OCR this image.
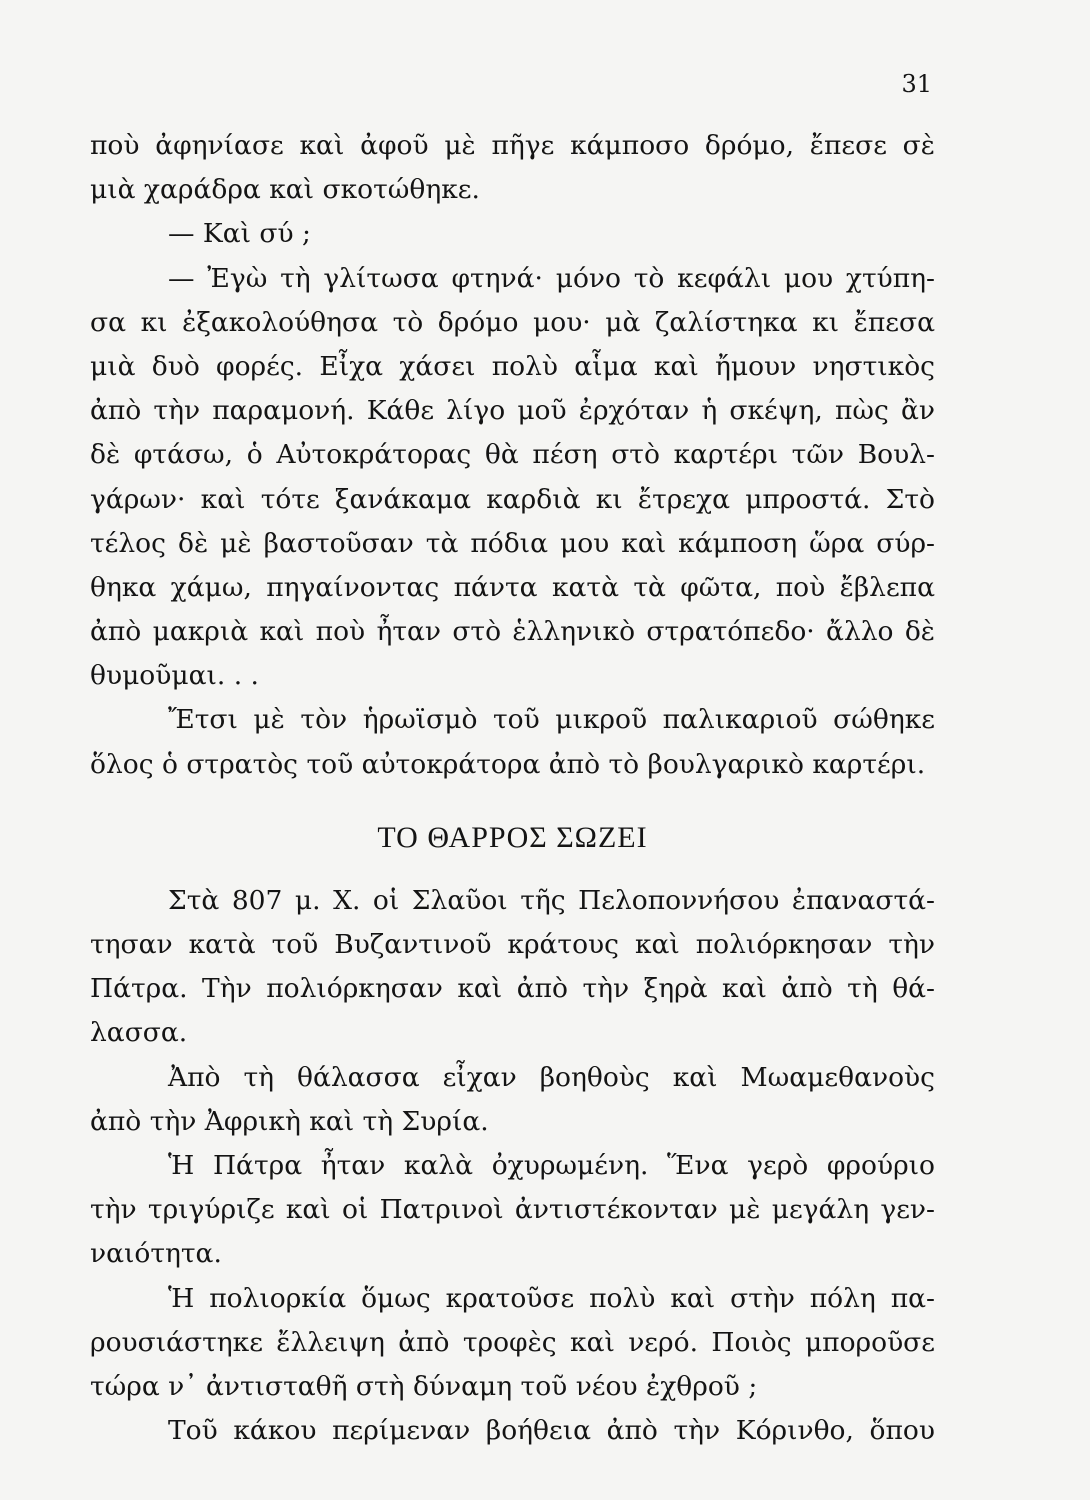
31
ποὺ ἀφηνίασε καὶ ἀφοῦ μὲ πῆγε κάμποσο δρόμο, ἔπεσε σὲ
μιὰ χαράδρα καὶ σκοτώθηκε.
— Καὶ σύ ;
— Ἐγὼ τὴ γλίτωσα φτηνά· μόνο τὸ κεφάλι μου χτύπη-
σα κι ἐξακολούθησα τὸ δρόμο μου· μὰ ζαλίστηκα κι ἔπεσα
μιὰ δυὸ φορές. Εἶχα χάσει πολὺ αἷμα καὶ ἤμουν νηστικὸς
ἀπὸ τὴν παραμονή. Κάθε λίγο μοῦ ἐρχόταν ἡ σκέψη, πὼς ἂν
δὲ φτάσω, ὁ Αὐτοκράτορας θὰ πέση στὸ καρτέρι τῶν Βουλ-
γάρων· καὶ τότε ξανάκαμα καρδιὰ κι ἔτρεχα μπροστά. Στὸ
τέλος δὲ μὲ βαστοῦσαν τὰ πόδια μου καὶ κάμποση ὥρα σύρ-
θηκα χάμω, πηγαίνοντας πάντα κατὰ τὰ φῶτα, ποὺ ἔβλεπα
ἀπὸ μακριὰ καὶ ποὺ ἦταν στὸ ἑλληνικὸ στρατόπεδο· ἄλλο δὲ
θυμοῦμαι. . .
Ἔτσι μὲ τὸν ἡρωϊσμὸ τοῦ μικροῦ παλικαριοῦ σώθηκε
ὅλος ὁ στρατὸς τοῦ αὐτοκράτορα ἀπὸ τὸ βουλγαρικὸ καρτέρι.
ΤΟ ΘΑΡΡΟΣ ΣΩΖΕΙ
Στὰ 807 μ. Χ. οἱ Σλαῦοι τῆς Πελοποννήσου ἐπαναστά-
τησαν κατὰ τοῦ Βυζαντινοῦ κράτους καὶ πολιόρκησαν τὴν
Πάτρα. Τὴν πολιόρκησαν καὶ ἀπὸ τὴν ξηρὰ καὶ ἀπὸ τὴ θά-
λασσα.
Ἀπὸ τὴ θάλασσα εἶχαν βοηθοὺς καὶ Μωαμεθανοὺς
ἀπὸ τὴν Ἀφρικὴ καὶ τὴ Συρία.
Ἡ Πάτρα ἦταν καλὰ ὀχυρωμένη. Ἕνα γερὸ φρούριο
τὴν τριγύριζε καὶ οἱ Πατρινοὶ ἀντιστέκονταν μὲ μεγάλη γεν-
ναιότητα.
Ἡ πολιορκία ὅμως κρατοῦσε πολὺ καὶ στὴν πόλη πα-
ρουσιάστηκε ἔλλειψη ἀπὸ τροφὲς καὶ νερό. Ποιὸς μποροῦσε
τώρα ν᾽ ἀντισταθῆ στὴ δύναμη τοῦ νέου ἐχθροῦ ;
Τοῦ κάκου περίμεναν βοήθεια ἀπὸ τὴν Κόρινθο, ὅπου
